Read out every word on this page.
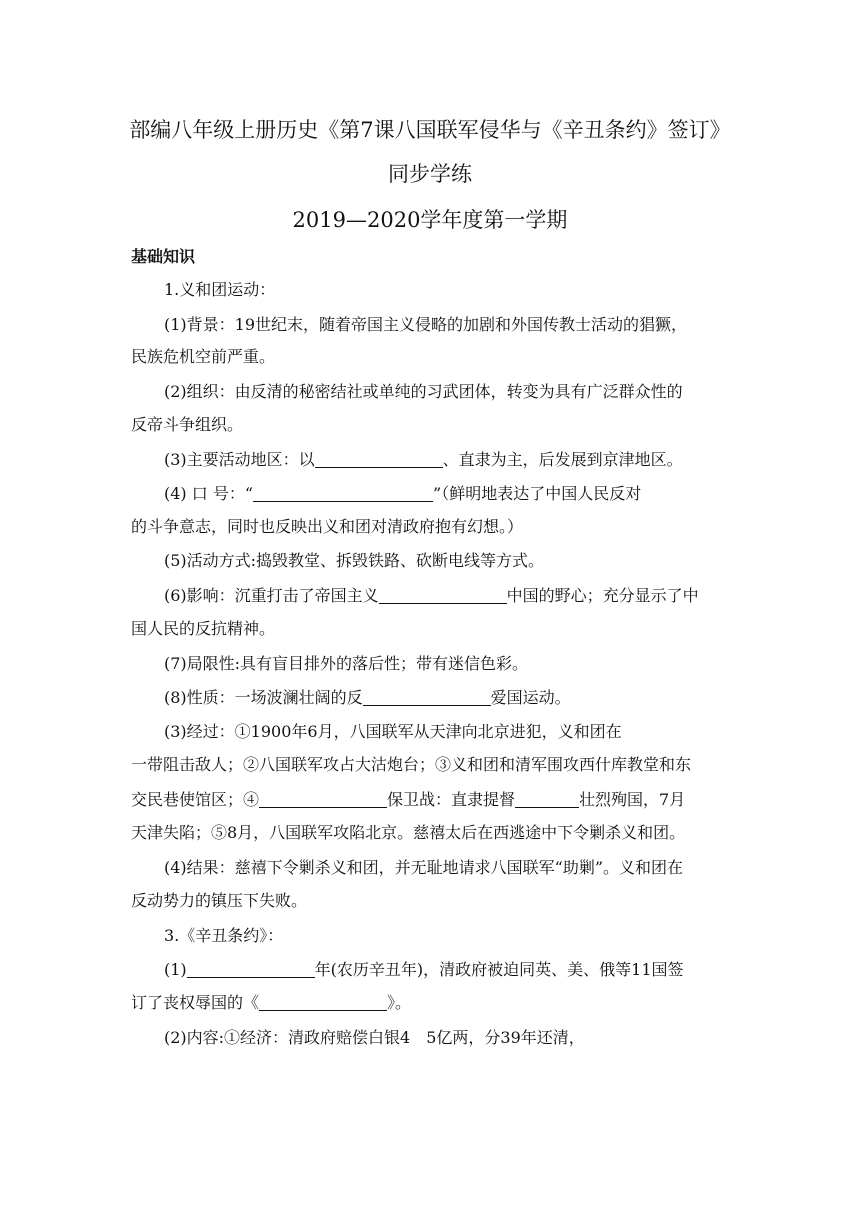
部编八年级上册历史《第7课八国联军侵华与《辛丑条约》签订》
同步学练
2019—2020学年度第一学期
基础知识
1.义和团运动：
(1)背景：19世纪末，随着帝国主义侵略的加剧和外国传教士活动的猖獗，
民族危机空前严重。
(2)组织：由反清的秘密结社或单纯的习武团体，转变为具有广泛群众性的
反帝斗争组织。
(3)主要活动地区：以	、直隶为主，后发展到京津地区。
(4) 口 号：“	”（鲜明地表达了中国人民反对
的斗争意志，同时也反映出义和团对清政府抱有幻想。）
(5)活动方式:捣毁教堂、拆毁铁路、砍断电线等方式。
(6)影响：沉重打击了帝国主义	中国的野心；充分显示了中
国人民的反抗精神。
(7)局限性:具有盲目排外的落后性；带有迷信色彩。
(8)性质：一场波澜壮阔的反	爱国运动。
(3)经过：①1900年6月，八国联军从天津向北京进犯，义和团在
一带阻击敌人；②八国联军攻占大沽炮台；③义和团和清军围攻西什库教堂和东
交民巷使馆区；④	保卫战：直隶提督	壮烈殉国，7月
天津失陷；⑤8月，八国联军攻陷北京。慈禧太后在西逃途中下令剿杀义和团。
(4)结果：慈禧下令剿杀义和团，并无耻地请求八国联军“助剿”。义和团在
反动势力的镇压下失败。
3.《辛丑条约》：
(1)	年(农历辛丑年)，清政府被迫同英、美、俄等11国签
订了丧权辱国的《	》。
(2)内容:①经济：清政府赔偿白银4　5亿两，分39年还清，
